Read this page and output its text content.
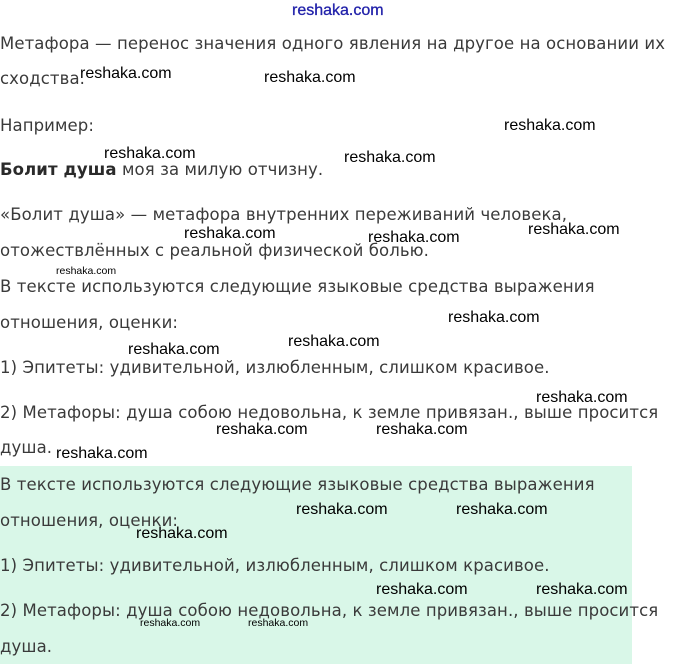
reshaka.com
Метафора — перенос значения одного явления на другое на основании их
сходства.
Например:
Болит душа моя за милую отчизну.
«Болит душа» — метафора внутренних переживаний человека,
отожествлённых с реальной физической болью.
В тексте используются следующие языковые средства выражения
отношения, оценки:
1) Эпитеты: удивительной, излюбленным, слишком красивое.
2) Метафоры: душа собою недовольна, к земле привязан., выше просится
душа.
В тексте используются следующие языковые средства выражения
отношения, оценки:
1) Эпитеты: удивительной, излюбленным, слишком красивое.
2) Метафоры: душа собою недовольна, к земле привязан., выше просится
душа.
reshaka.com	reshaka.com
reshaka.com
reshaka.com	reshaka.com
reshaka.com	reshaka.com
reshaka.com
reshaka.com
reshaka.com
reshaka.com
reshaka.com
reshaka.com
reshaka.com	reshaka.com
reshaka.com
reshaka.com	reshaka.com
reshaka.com
reshaka.com	reshaka.com
reshaka.com	reshaka.com
